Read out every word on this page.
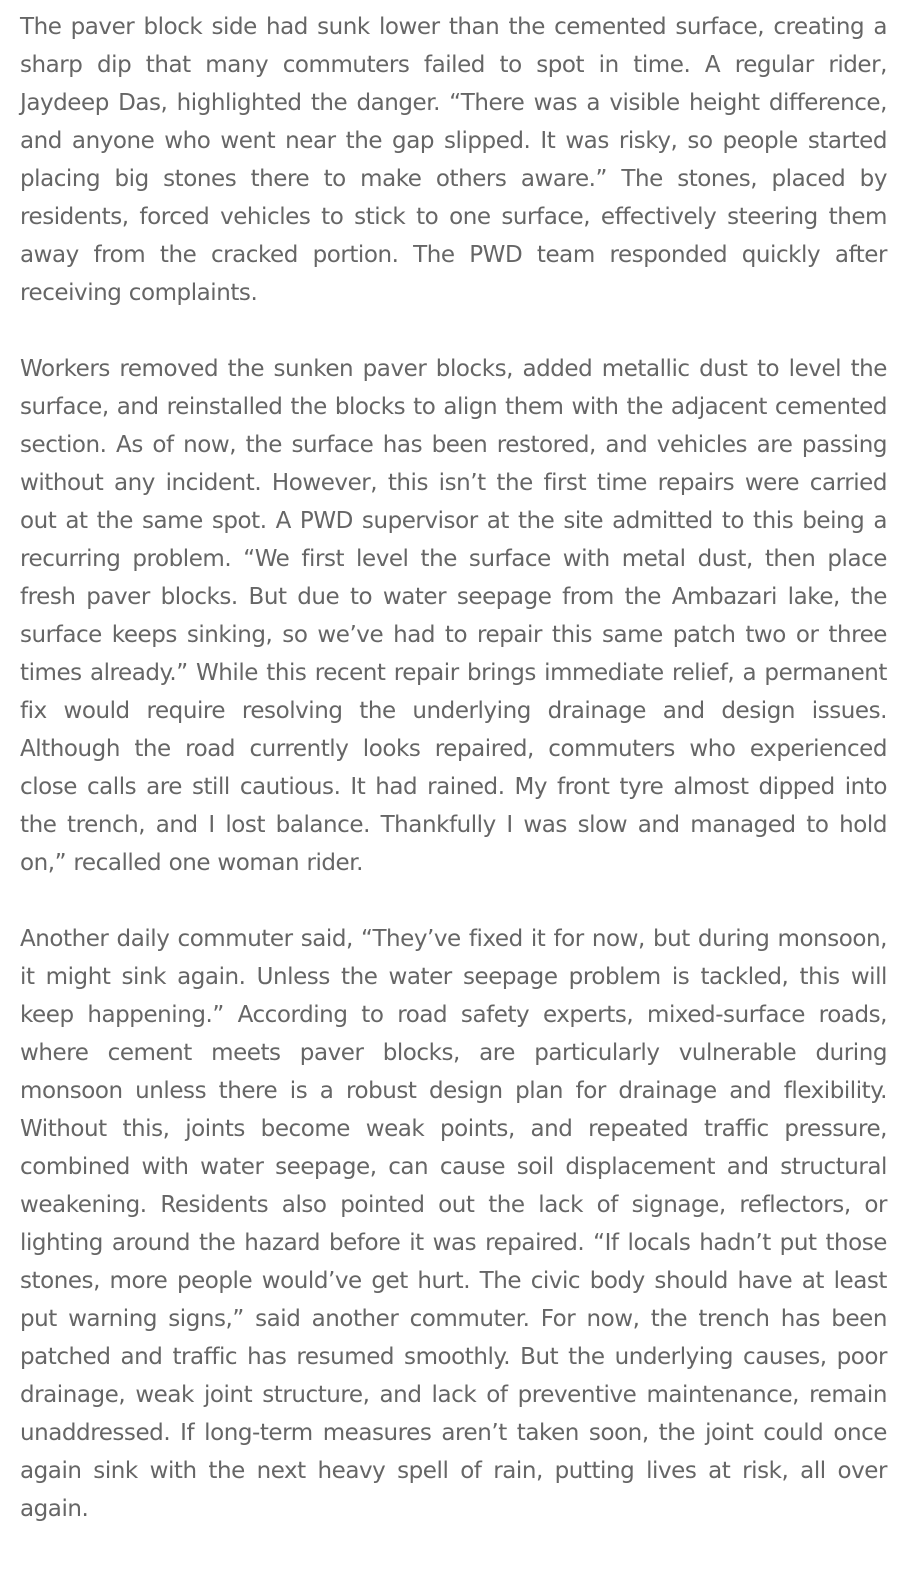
The paver block side had sunk lower than the cemented surface, creating a sharp dip that many commuters failed to spot in time. A regular rider, Jaydeep Das, highlighted the danger. “There was a visible height difference, and anyone who went near the gap slipped. It was risky, so people started placing big stones there to make others aware.” The stones, placed by residents, forced vehicles to stick to one surface, effectively steering them away from the cracked portion. The PWD team responded quickly after receiving complaints.

Workers removed the sunken paver blocks, added metallic dust to level the surface, and reinstalled the blocks to align them with the adjacent cemented section. As of now, the surface has been restored, and vehicles are passing without any incident. However, this isn’t the first time repairs were carried out at the same spot. A PWD supervisor at the site admitted to this being a recurring problem. “We first level the surface with metal dust, then place fresh paver blocks. But due to water seepage from the Ambazari lake, the surface keeps sinking, so we’ve had to repair this same patch two or three times already.” While this recent repair brings immediate relief, a permanent fix would require resolving the underlying drainage and design issues. Although the road currently looks repaired, commuters who experienced close calls are still cautious. It had rained. My front tyre almost dipped into the trench, and I lost balance. Thankfully I was slow and managed to hold on,” recalled one woman rider.

Another daily commuter said, “They’ve fixed it for now, but during monsoon, it might sink again. Unless the water seepage problem is tackled, this will keep happening.” According to road safety experts, mixed-surface roads, where cement meets paver blocks, are particularly vulnerable during monsoon unless there is a robust design plan for drainage and flexibility. Without this, joints become weak points, and repeated traffic pressure, combined with water seepage, can cause soil displacement and structural weakening. Residents also pointed out the lack of signage, reflectors, or lighting around the hazard before it was repaired. “If locals hadn’t put those stones, more people would’ve get hurt. The civic body should have at least put warning signs,” said another commuter. For now, the trench has been patched and traffic has resumed smoothly. But the underlying causes, poor drainage, weak joint structure, and lack of preventive maintenance, remain unaddressed. If long-term measures aren’t taken soon, the joint could once again sink with the next heavy spell of rain, putting lives at risk, all over again.
